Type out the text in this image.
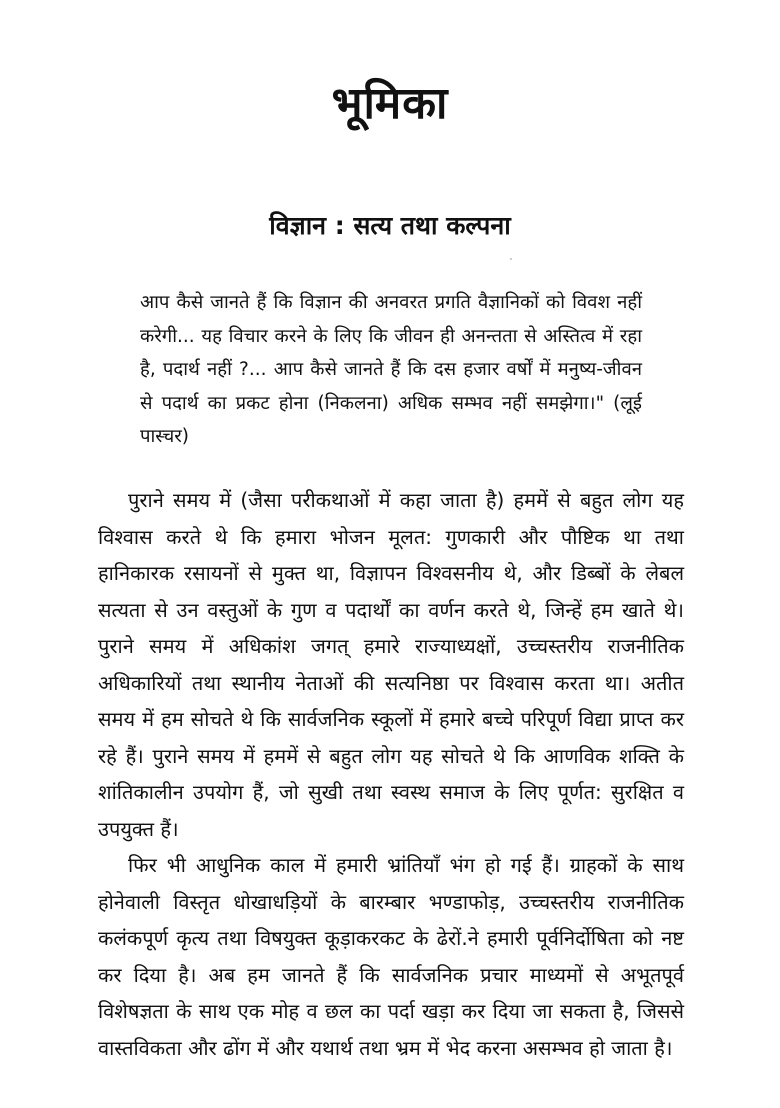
भूमिका
विज्ञान : सत्य तथा कल्पना

आप कैसे जानते हैं कि विज्ञान की अनवरत प्रगति वैज्ञानिकों को विवश नहीं करेगी... यह विचार करने के लिए कि जीवन ही अनन्तता से अस्तित्व में रहा है, पदार्थ नहीं ?... आप कैसे जानते हैं कि दस हजार वर्षों में मनुष्य-जीवन से पदार्थ का प्रकट होना (निकलना) अधिक सम्भव नहीं समझेगा।" (लूई पास्चर)

पुराने समय में (जैसा परीकथाओं में कहा जाता है) हममें से बहुत लोग यह विश्वास करते थे कि हमारा भोजन मूलत: गुणकारी और पौष्टिक था तथा हानिकारक रसायनों से मुक्त था, विज्ञापन विश्वसनीय थे, और डिब्बों के लेबल सत्यता से उन वस्तुओं के गुण व पदार्थों का वर्णन करते थे, जिन्हें हम खाते थे। पुराने समय में अधिकांश जगत् हमारे राज्याध्यक्षों, उच्चस्तरीय राजनीतिक अधिकारियों तथा स्थानीय नेताओं की सत्यनिष्ठा पर विश्वास करता था। अतीत समय में हम सोचते थे कि सार्वजनिक स्कूलों में हमारे बच्चे परिपूर्ण विद्या प्राप्त कर रहे हैं। पुराने समय में हममें से बहुत लोग यह सोचते थे कि आणविक शक्ति के शांतिकालीन उपयोग हैं, जो सुखी तथा स्वस्थ समाज के लिए पूर्णत: सुरक्षित व उपयुक्त हैं।

फिर भी आधुनिक काल में हमारी भ्रांतियाँ भंग हो गई हैं। ग्राहकों के साथ होनेवाली विस्तृत धोखाधड़ियों के बारम्बार भण्डाफोड़, उच्चस्तरीय राजनीतिक कलंकपूर्ण कृत्य तथा विषयुक्त कूड़ाकरकट के ढेरों.ने हमारी पूर्वनिर्दोषिता को नष्ट कर दिया है। अब हम जानते हैं कि सार्वजनिक प्रचार माध्यमों से अभूतपूर्व विशेषज्ञता के साथ एक मोह व छल का पर्दा खड़ा कर दिया जा सकता है, जिससे वास्तविकता और ढोंग में और यथार्थ तथा भ्रम में भेद करना असम्भव हो जाता है।
